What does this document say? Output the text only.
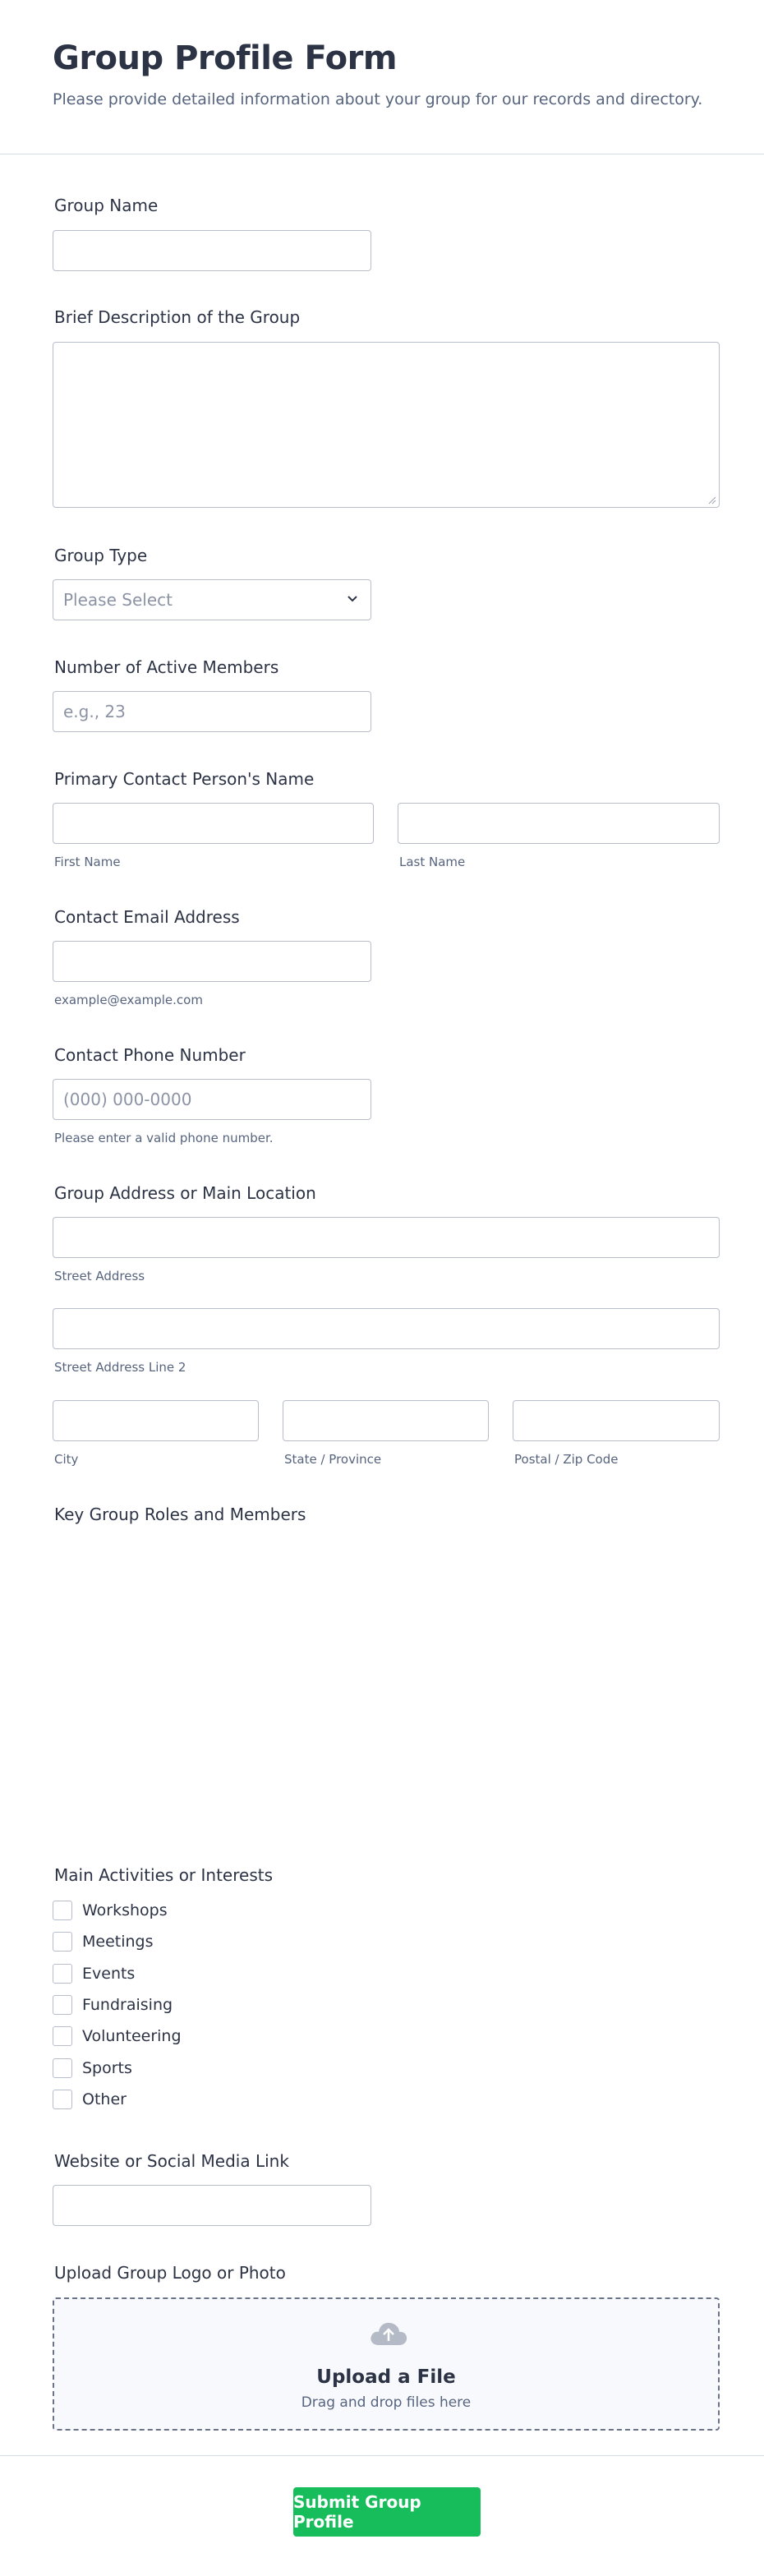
Group Profile Form
Please provide detailed information about your group for our records and directory.
Group Name
Brief Description of the Group
Group Type
Please Select
Number of Active Members
e.g., 23
Primary Contact Person's Name
First Name	Last Name
Contact Email Address
example@example.com
Contact Phone Number
(000) 000-0000
Please enter a valid phone number.
Group Address or Main Location
Street Address
Street Address Line 2
City	State / Province	Postal / Zip Code
Key Group Roles and Members
Main Activities or Interests
Workshops
Meetings
Events
Fundraising
Volunteering
Sports
Other
Website or Social Media Link
Upload Group Logo or Photo
Upload a File
Drag and drop files here
Submit Group Profile
